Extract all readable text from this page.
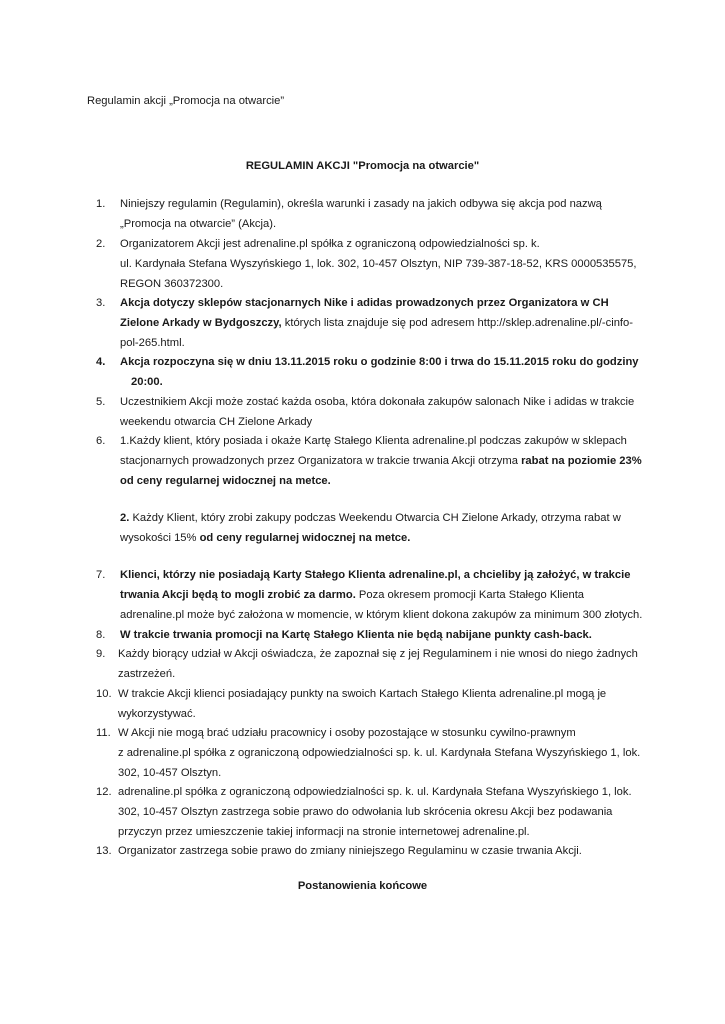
Regulamin akcji „Promocja na otwarcie”
REGULAMIN AKCJI "Promocja na otwarcie"
1. Niniejszy regulamin (Regulamin), określa warunki i zasady na jakich odbywa się akcja pod nazwą
„Promocja na otwarcie” (Akcja).
2. Organizatorem Akcji jest adrenaline.pl spółka z ograniczoną odpowiedzialności sp. k.
ul. Kardynała Stefana Wyszyńskiego 1, lok. 302, 10-457 Olsztyn, NIP 739-387-18-52, KRS 0000535575,
REGON 360372300.
3. Akcja dotyczy sklepów stacjonarnych Nike i adidas prowadzonych przez Organizatora w CH
Zielone Arkady w Bydgoszczy, których lista znajduje się pod adresem http://sklep.adrenaline.pl/-cinfo-
pol-265.html.
4. Akcja rozpoczyna się w dniu 13.11.2015 roku o godzinie 8:00 i trwa do 15.11.2015 roku do godziny
20:00.
5. Uczestnikiem Akcji może zostać każda osoba, która dokonała zakupów salonach Nike i adidas w trakcie
weekendu otwarcia CH Zielone Arkady
6. 1.Każdy klient, który posiada i okaże Kartę Stałego Klienta adrenaline.pl podczas zakupów w sklepach
stacjonarnych prowadzonych przez Organizatora w trakcie trwania Akcji otrzyma rabat na poziomie 23%
od ceny regularnej widocznej na metce.
2. Każdy Klient, który zrobi zakupy podczas Weekendu Otwarcia CH Zielone Arkady, otrzyma rabat w
wysokości 15% od ceny regularnej widocznej na metce.
7. Klienci, którzy nie posiadają Karty Stałego Klienta adrenaline.pl, a chcieliby ją założyć, w trakcie
trwania Akcji będą to mogli zrobić za darmo. Poza okresem promocji Karta Stałego Klienta
adrenaline.pl może być założona w momencie, w którym klient dokona zakupów za minimum 300 złotych.
8. W trakcie trwania promocji na Kartę Stałego Klienta nie będą nabijane punkty cash-back.
9. Każdy biorący udział w Akcji oświadcza, że zapoznał się z jej Regulaminem i nie wnosi do niego żadnych
zastrzeżeń.
10. W trakcie Akcji klienci posiadający punkty na swoich Kartach Stałego Klienta adrenaline.pl mogą je
wykorzystywać.
11. W Akcji nie mogą brać udziału pracownicy i osoby pozostające w stosunku cywilno-prawnym
z adrenaline.pl spółka z ograniczoną odpowiedzialności sp. k. ul. Kardynała Stefana Wyszyńskiego 1, lok.
302, 10-457 Olsztyn.
12. adrenaline.pl spółka z ograniczoną odpowiedzialności sp. k. ul. Kardynała Stefana Wyszyńskiego 1, lok.
302, 10-457 Olsztyn zastrzega sobie prawo do odwołania lub skrócenia okresu Akcji bez podawania
przyczyn przez umieszczenie takiej informacji na stronie internetowej adrenaline.pl.
13. Organizator zastrzega sobie prawo do zmiany niniejszego Regulaminu w czasie trwania Akcji.
Postanowienia końcowe
